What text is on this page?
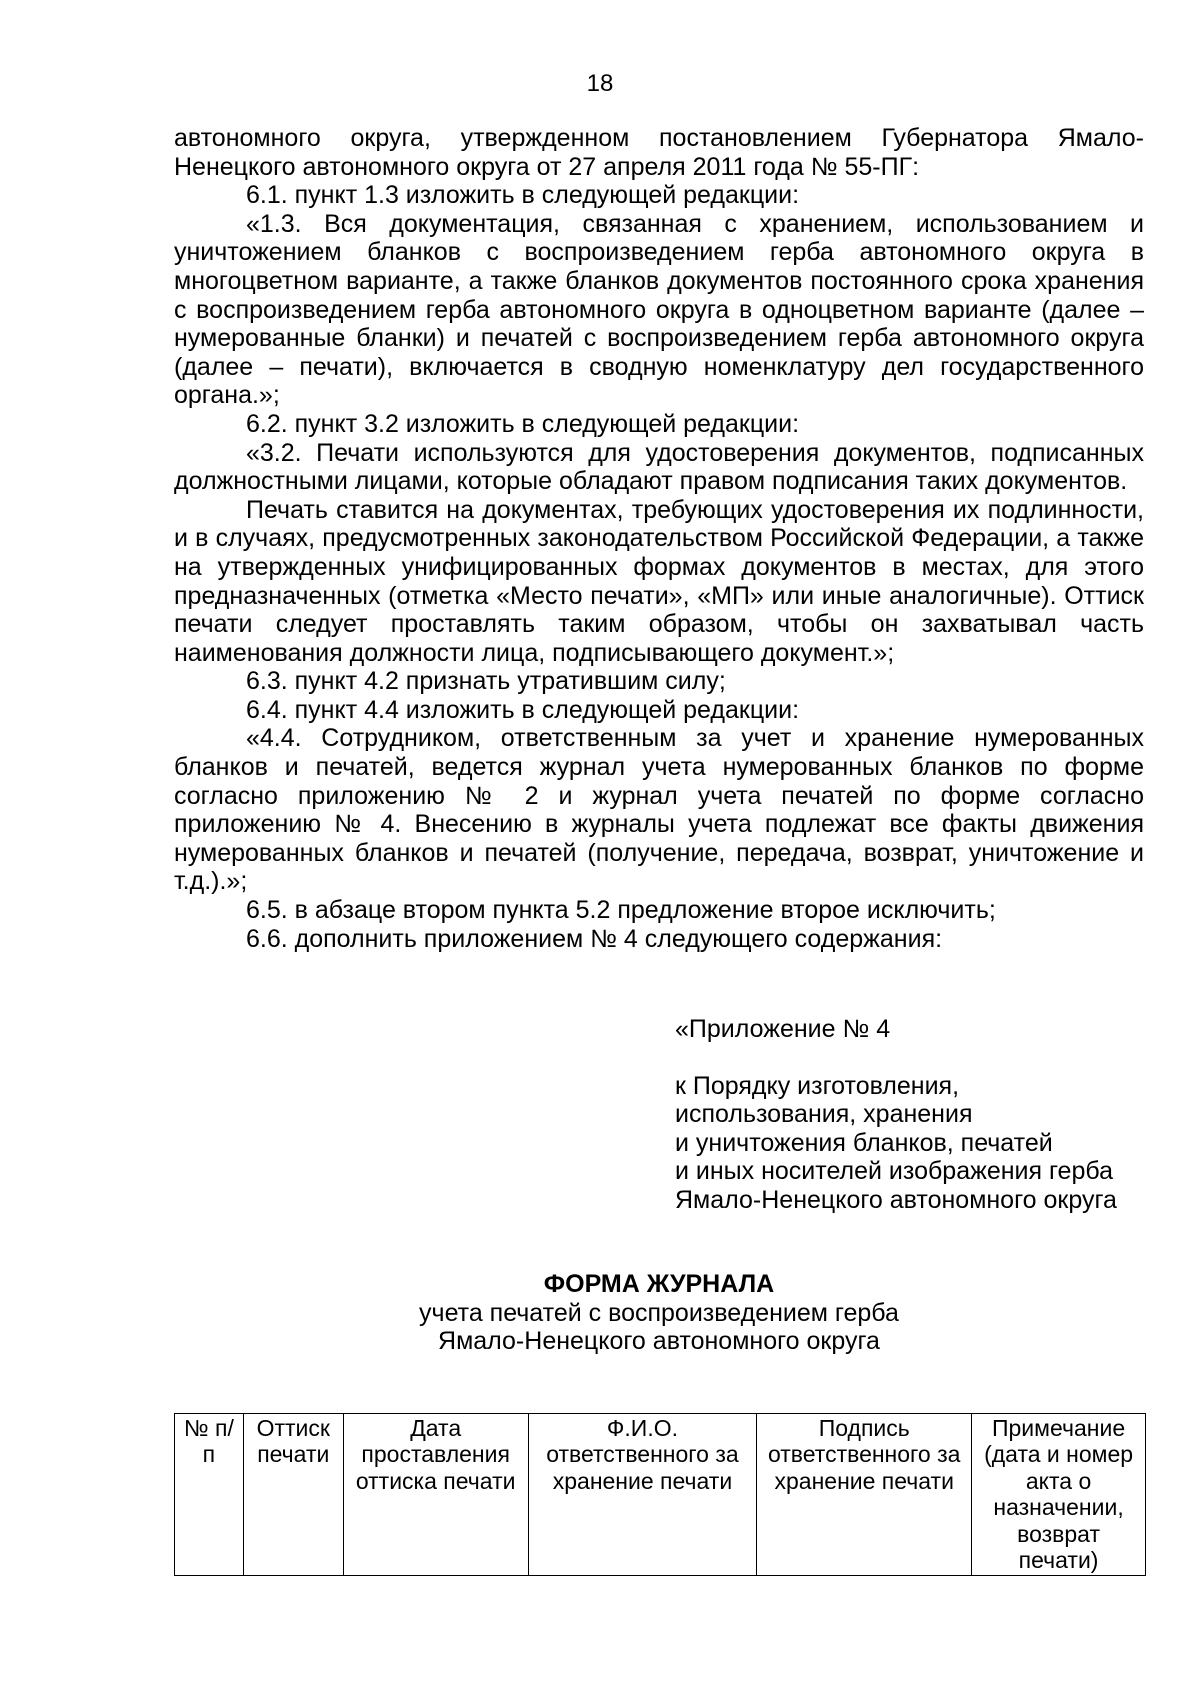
18

автономного округа, утвержденном постановлением Губернатора Ямало-Ненецкого автономного округа от 27 апреля 2011 года № 55-ПГ:

6.1. пункт 1.3 изложить в следующей редакции:

«1.3. Вся документация, связанная с хранением, использованием и уничтожением бланков с воспроизведением герба автономного округа в многоцветном варианте, а также бланков документов постоянного срока хранения с воспроизведением герба автономного округа в одноцветном варианте (далее – нумерованные бланки) и печатей с воспроизведением герба автономного округа (далее – печати), включается в сводную номенклатуру дел государственного органа.»;

6.2. пункт 3.2 изложить в следующей редакции:

«3.2. Печати используются для удостоверения документов, подписанных должностными лицами, которые обладают правом подписания таких документов.

Печать ставится на документах, требующих удостоверения их подлинности, и в случаях, предусмотренных законодательством Российской Федерации, а также на утвержденных унифицированных формах документов в местах, для этого предназначенных (отметка «Место печати», «МП» или иные аналогичные). Оттиск печати следует проставлять таким образом, чтобы он захватывал часть наименования должности лица, подписывающего документ.»;

6.3. пункт 4.2 признать утратившим силу;

6.4. пункт 4.4 изложить в следующей редакции:

«4.4. Сотрудником, ответственным за учет и хранение нумерованных бланков и печатей, ведется журнал учета нумерованных бланков по форме согласно приложению № 2 и журнал учета печатей по форме согласно приложению № 4. Внесению в журналы учета подлежат все факты движения нумерованных бланков и печатей (получение, передача, возврат, уничтожение и т.д.).»;

6.5. в абзаце втором пункта 5.2 предложение второе исключить;

6.6. дополнить приложением № 4 следующего содержания:

«Приложение № 4
к Порядку изготовления,
использования, хранения
и уничтожения бланков, печатей
и иных носителей изображения герба
Ямало-Ненецкого автономного округа
ФОРМА ЖУРНАЛА
учета печатей с воспроизведением герба
Ямало-Ненецкого автономного округа
№ п/п	Оттиск печати	Дата проставления оттиска печати	Ф.И.О. ответственного за хранение печати	Подпись ответственного за хранение печати	Примечание (дата и номер акта о назначении, возврат печати)
